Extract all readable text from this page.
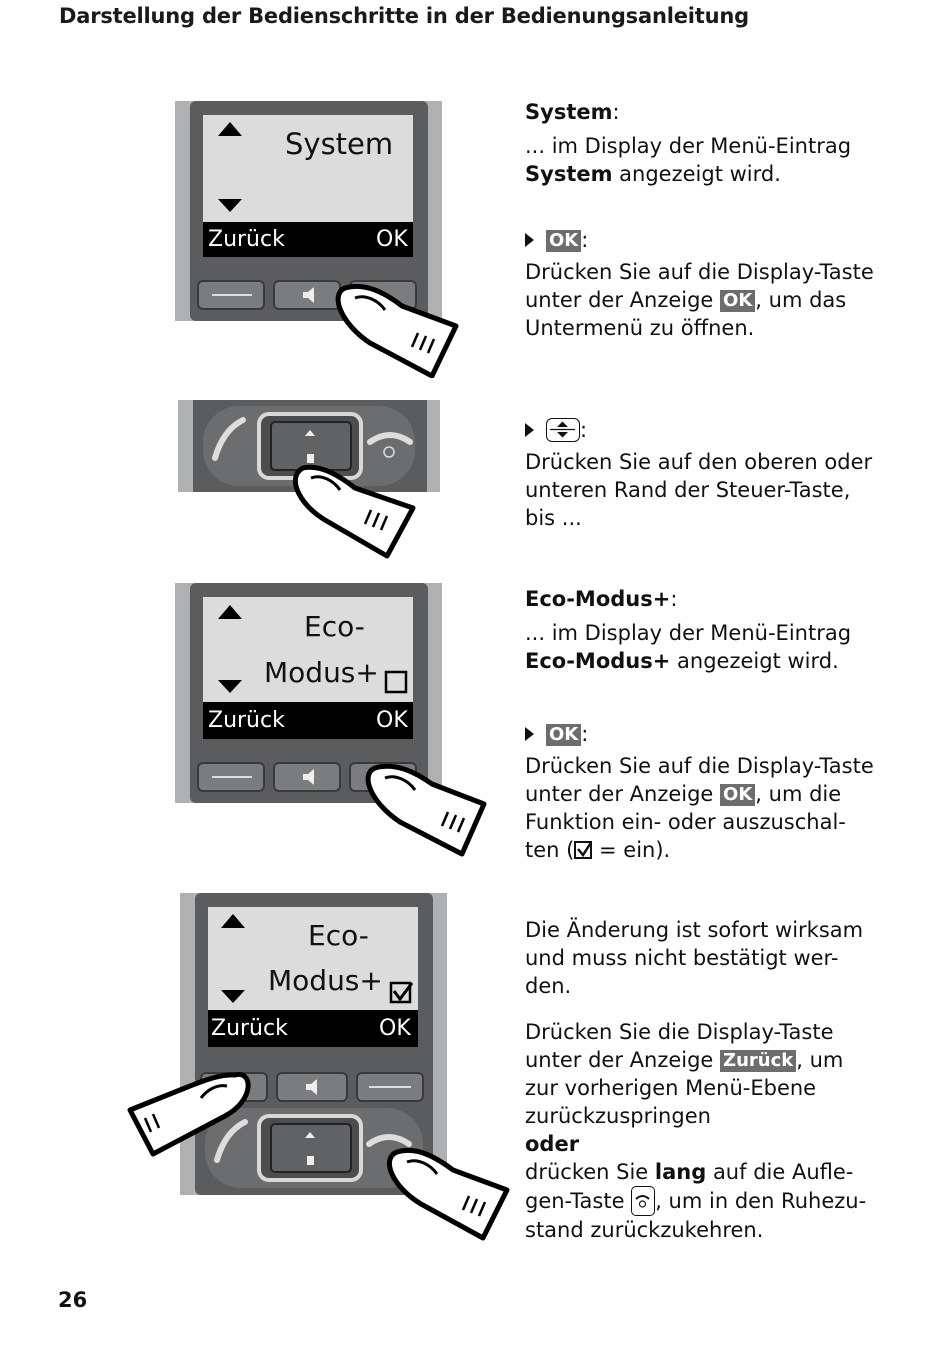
Darstellung der Bedienschritte in der Bedienungsanleitung
System
Zurück	OK
Eco-
Modus+
Zurück	OK
Eco-
Modus+
Zurück	OK
System:
... im Display der Menü-Eintrag
System angezeigt wird.
OK :
Drücken Sie auf die Display-Taste
unter der Anzeige OK , um das
Untermenü zu öffnen.
:
Drücken Sie auf den oberen oder
unteren Rand der Steuer-Taste,
bis ...
Eco-Modus+:
... im Display der Menü-Eintrag
Eco-Modus+ angezeigt wird.
OK :
Drücken Sie auf die Display-Taste
unter der Anzeige OK , um die
Funktion ein- oder auszuschal-
ten (
= ein).
Die Änderung ist sofort wirksam
und muss nicht bestätigt wer-
den.
Drücken Sie die Display-Taste
unter der Anzeige Zurück , um
zur vorherigen Menü-Ebene
zurückzuspringen
oder
drücken Sie lang auf die Aufle-
gen-Taste
, um in den Ruhezu-
stand zurückzukehren.
26
